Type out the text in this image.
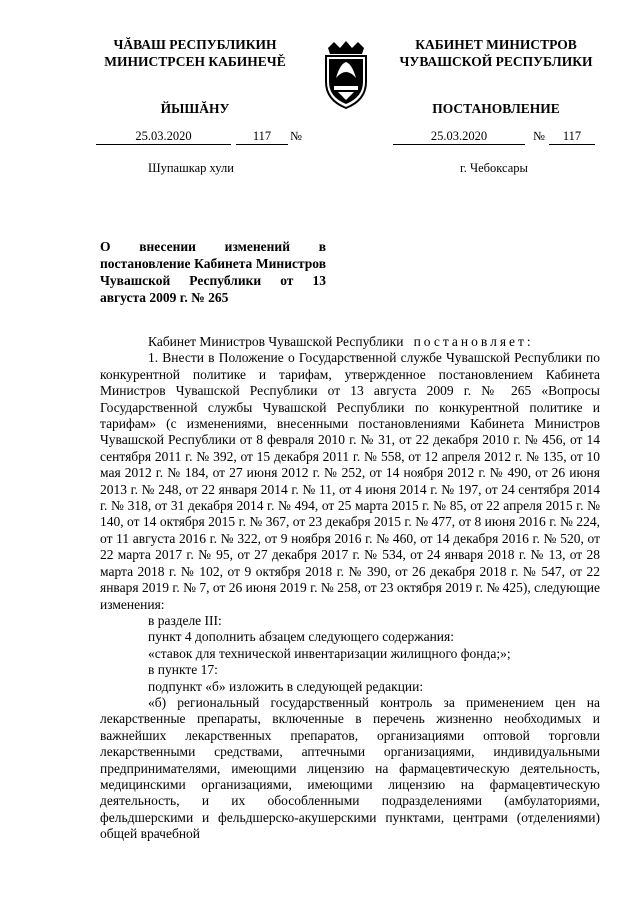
ЧĂВАШ РЕСПУБЛИКИН
МИНИСТРСЕН КАБИНЕЧĚ
ЙЫШĂНУ
КАБИНЕТ МИНИСТРОВ
ЧУВАШСКОЙ РЕСПУБЛИКИ
ПОСТАНОВЛЕНИЕ
25.03.2020	117	№	25.03.2020	№	117
Шупашкар хули	г. Чебоксары
О внесении изменений в постановление Кабинета Министров Чувашской Республики от 13 августа 2009 г. № 265

Кабинет Министров Чувашской Республики постановляет:

1. Внести в Положение о Государственной службе Чувашской Республики по конкурентной политике и тарифам, утвержденное постановлением Кабинета Министров Чувашской Республики от 13 августа 2009 г. № 265 «Вопросы Государственной службы Чувашской Республики по конкурентной политике и тарифам» (с изменениями, внесенными постановлениями Кабинета Министров Чувашской Республики от 8 февраля 2010 г. № 31, от 22 декабря 2010 г. № 456, от 14 сентября 2011 г. № 392, от 15 декабря 2011 г. № 558, от 12 апреля 2012 г. № 135, от 10 мая 2012 г. № 184, от 27 июня 2012 г. № 252, от 14 ноября 2012 г. № 490, от 26 июня 2013 г. № 248, от 22 января 2014 г. № 11, от 4 июня 2014 г. № 197, от 24 сентября 2014 г. № 318, от 31 декабря 2014 г. № 494, от 25 марта 2015 г. № 85, от 22 апреля 2015 г. № 140, от 14 октября 2015 г. № 367, от 23 декабря 2015 г. № 477, от 8 июня 2016 г. № 224, от 11 августа 2016 г. № 322, от 9 ноября 2016 г. № 460, от 14 декабря 2016 г. № 520, от 22 марта 2017 г. № 95, от 27 декабря 2017 г. № 534, от 24 января 2018 г. № 13, от 28 марта 2018 г. № 102, от 9 октября 2018 г. № 390, от 26 декабря 2018 г. № 547, от 22 января 2019 г. № 7, от 26 июня 2019 г. № 258, от 23 октября 2019 г. № 425), следующие изменения:

в разделе III:

пункт 4 дополнить абзацем следующего содержания:

«ставок для технической инвентаризации жилищного фонда;»;

в пункте 17:

подпункт «б» изложить в следующей редакции:

«б) региональный государственный контроль за применением цен на лекарственные препараты, включенные в перечень жизненно необходимых и важнейших лекарственных препаратов, организациями оптовой торговли лекарственными средствами, аптечными организациями, индивидуальными предпринимателями, имеющими лицензию на фармацевтическую деятельность, медицинскими организациями, имеющими лицензию на фармацевтическую деятельность, и их обособленными подразделениями (амбулаториями, фельдшерскими и фельдшерско-акушерскими пунктами, центрами (отделениями) общей врачебной
